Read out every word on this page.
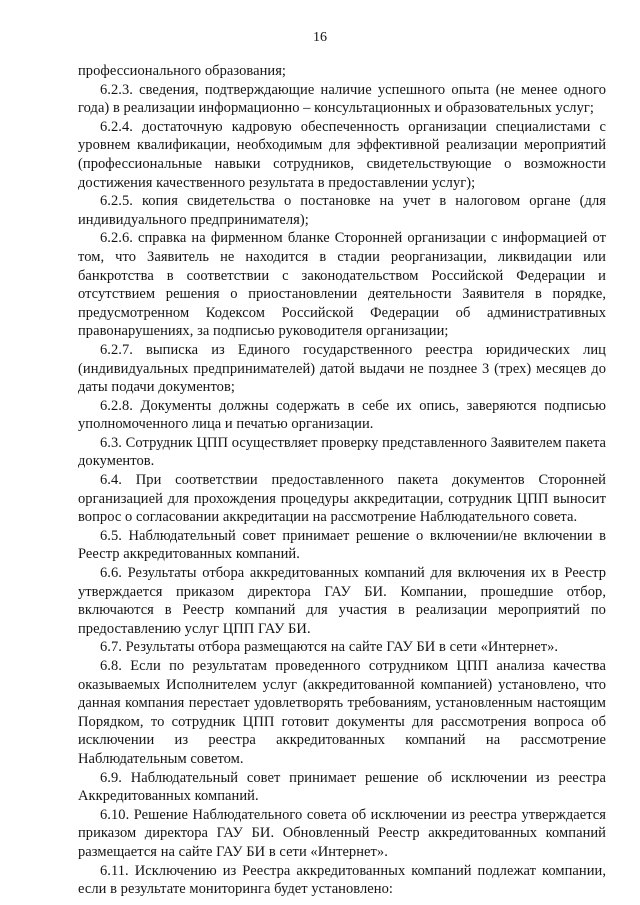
16

профессионального образования;

6.2.3. сведения, подтверждающие наличие успешного опыта (не менее одного года) в реализации информационно – консультационных и образовательных услуг;

6.2.4. достаточную кадровую обеспеченность организации специалистами с уровнем квалификации, необходимым для эффективной реализации мероприятий (профессиональные навыки сотрудников, свидетельствующие о возможности достижения качественного результата в предоставлении услуг);

6.2.5. копия свидетельства о постановке на учет в налоговом органе (для индивидуального предпринимателя);

6.2.6. справка на фирменном бланке Сторонней организации с информацией от том, что Заявитель не находится в стадии реорганизации, ликвидации или банкротства в соответствии с законодательством Российской Федерации и отсутствием решения о приостановлении деятельности Заявителя в порядке, предусмотренном Кодексом Российской Федерации об административных правонарушениях, за подписью руководителя организации;

6.2.7. выписка из Единого государственного реестра юридических лиц (индивидуальных предпринимателей) датой выдачи не позднее 3 (трех) месяцев до даты подачи документов;

6.2.8. Документы должны содержать в себе их опись, заверяются подписью уполномоченного лица и печатью организации.

6.3. Сотрудник ЦПП осуществляет проверку представленного Заявителем пакета документов.

6.4. При соответствии предоставленного пакета документов Сторонней организацией для прохождения процедуры аккредитации, сотрудник ЦПП выносит вопрос о согласовании аккредитации на рассмотрение Наблюдательного совета.

6.5. Наблюдательный совет принимает решение о включении/не включении в Реестр аккредитованных компаний.

6.6. Результаты отбора аккредитованных компаний для включения их в Реестр утверждается приказом директора ГАУ БИ. Компании, прошедшие отбор, включаются в Реестр компаний для участия в реализации мероприятий по предоставлению услуг ЦПП ГАУ БИ.

6.7. Результаты отбора размещаются на сайте ГАУ БИ в сети «Интернет».

6.8. Если по результатам проведенного сотрудником ЦПП анализа качества оказываемых Исполнителем услуг (аккредитованной компанией) установлено, что данная компания перестает удовлетворять требованиям, установленным настоящим Порядком, то сотрудник ЦПП готовит документы для рассмотрения вопроса об исключении из реестра аккредитованных компаний на рассмотрение Наблюдательным советом.

6.9. Наблюдательный совет принимает решение об исключении из реестра Аккредитованных компаний.

6.10. Решение Наблюдательного совета об исключении из реестра утверждается приказом директора ГАУ БИ. Обновленный Реестр аккредитованных компаний размещается на сайте ГАУ БИ в сети «Интернет».

6.11. Исключению из Реестра аккредитованных компаний подлежат компании, если в результате мониторинга будет установлено:
